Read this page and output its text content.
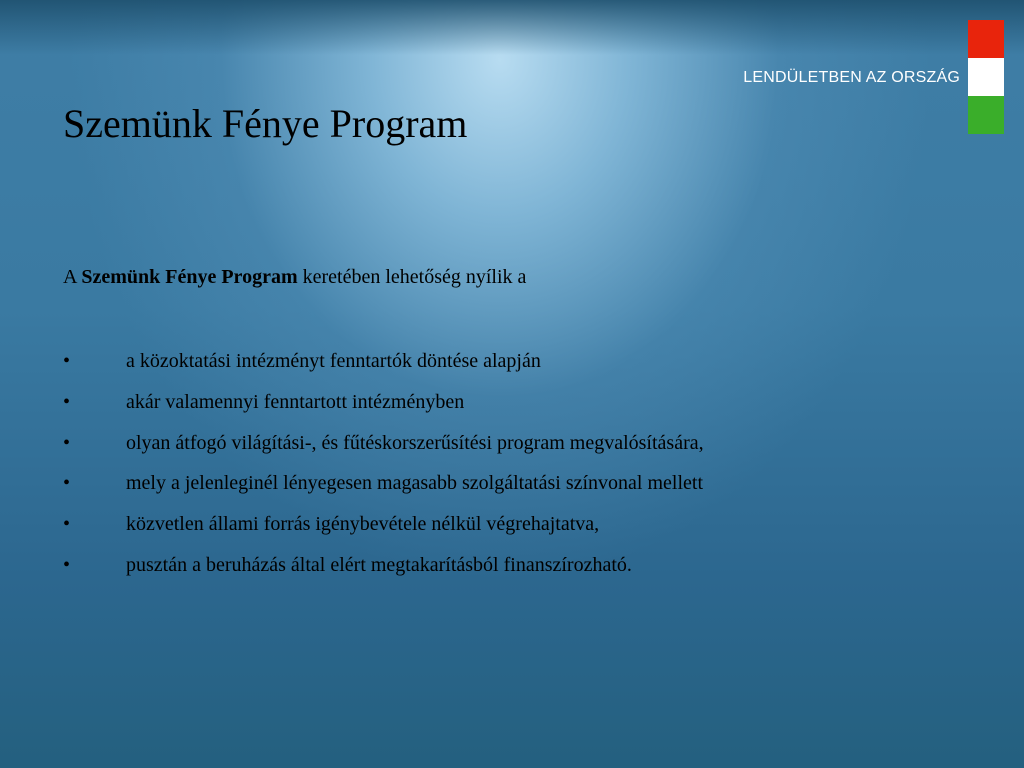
LENDÜLETBEN AZ ORSZÁG
Szemünk Fénye Program

A Szemünk Fénye Program keretében lehetőség nyílik a

•	a közoktatási intézményt fenntartók döntése alapján
•	akár valamennyi fenntartott intézményben
•	olyan átfogó világítási-, és fűtéskorszerűsítési program megvalósítására,
•	mely a jelenleginél lényegesen magasabb szolgáltatási színvonal mellett
•	közvetlen állami forrás igénybevétele nélkül végrehajtatva,
•	pusztán a beruházás által elért megtakarításból finanszírozható.
